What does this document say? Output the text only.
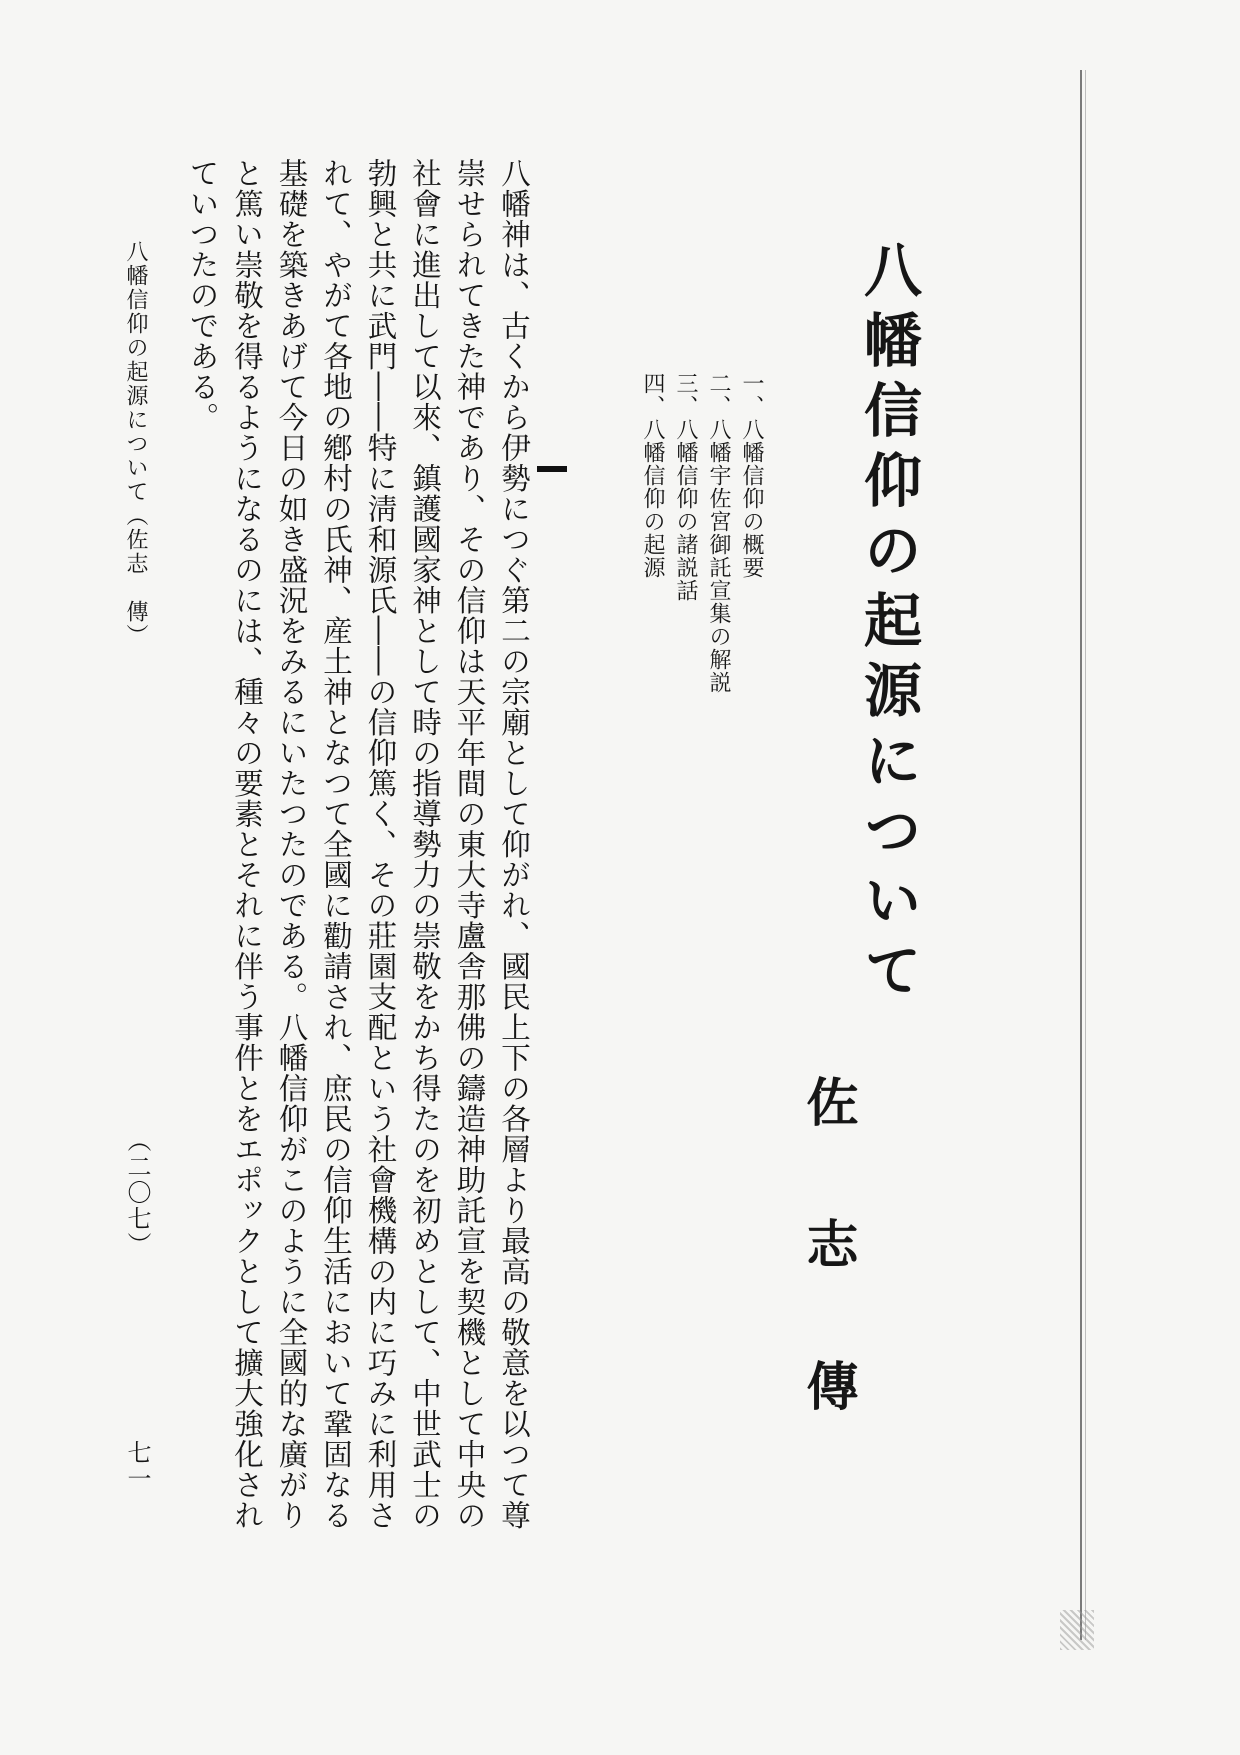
八幡信仰の起源について
一、八幡信仰の概要
二、八幡宇佐宮御託宣集の解説
三、八幡信仰の諸説話
四、八幡信仰の起源
佐志傳

八幡神は、古くから伊勢につぐ第二の宗廟として仰がれ、國民上下の各層より最高の敬意を以つて尊崇せられてきた神であり、その信仰は天平年間の東大寺盧舎那佛の鑄造神助託宣を契機として中央の社會に進出して以來、鎮護國家神として時の指導勢力の崇敬をかち得たのを初めとして、中世武士の勃興と共に武門――特に淸和源氏――の信仰篤く、その莊園支配という社會機構の内に巧みに利用されて、やがて各地の鄕村の氏神、産土神となつて全國に勸請され、庶民の信仰生活において鞏固なる基礎を築きあげて今日の如き盛況をみるにいたつたのである。八幡信仰がこのように全國的な廣がりと篤い崇敬を得るようになるのには、種々の要素とそれに伴う事件とをエポックとして擴大強化されていつたのである。

八幡信仰の起源について（佐志　傳）
（二〇七）
七一
